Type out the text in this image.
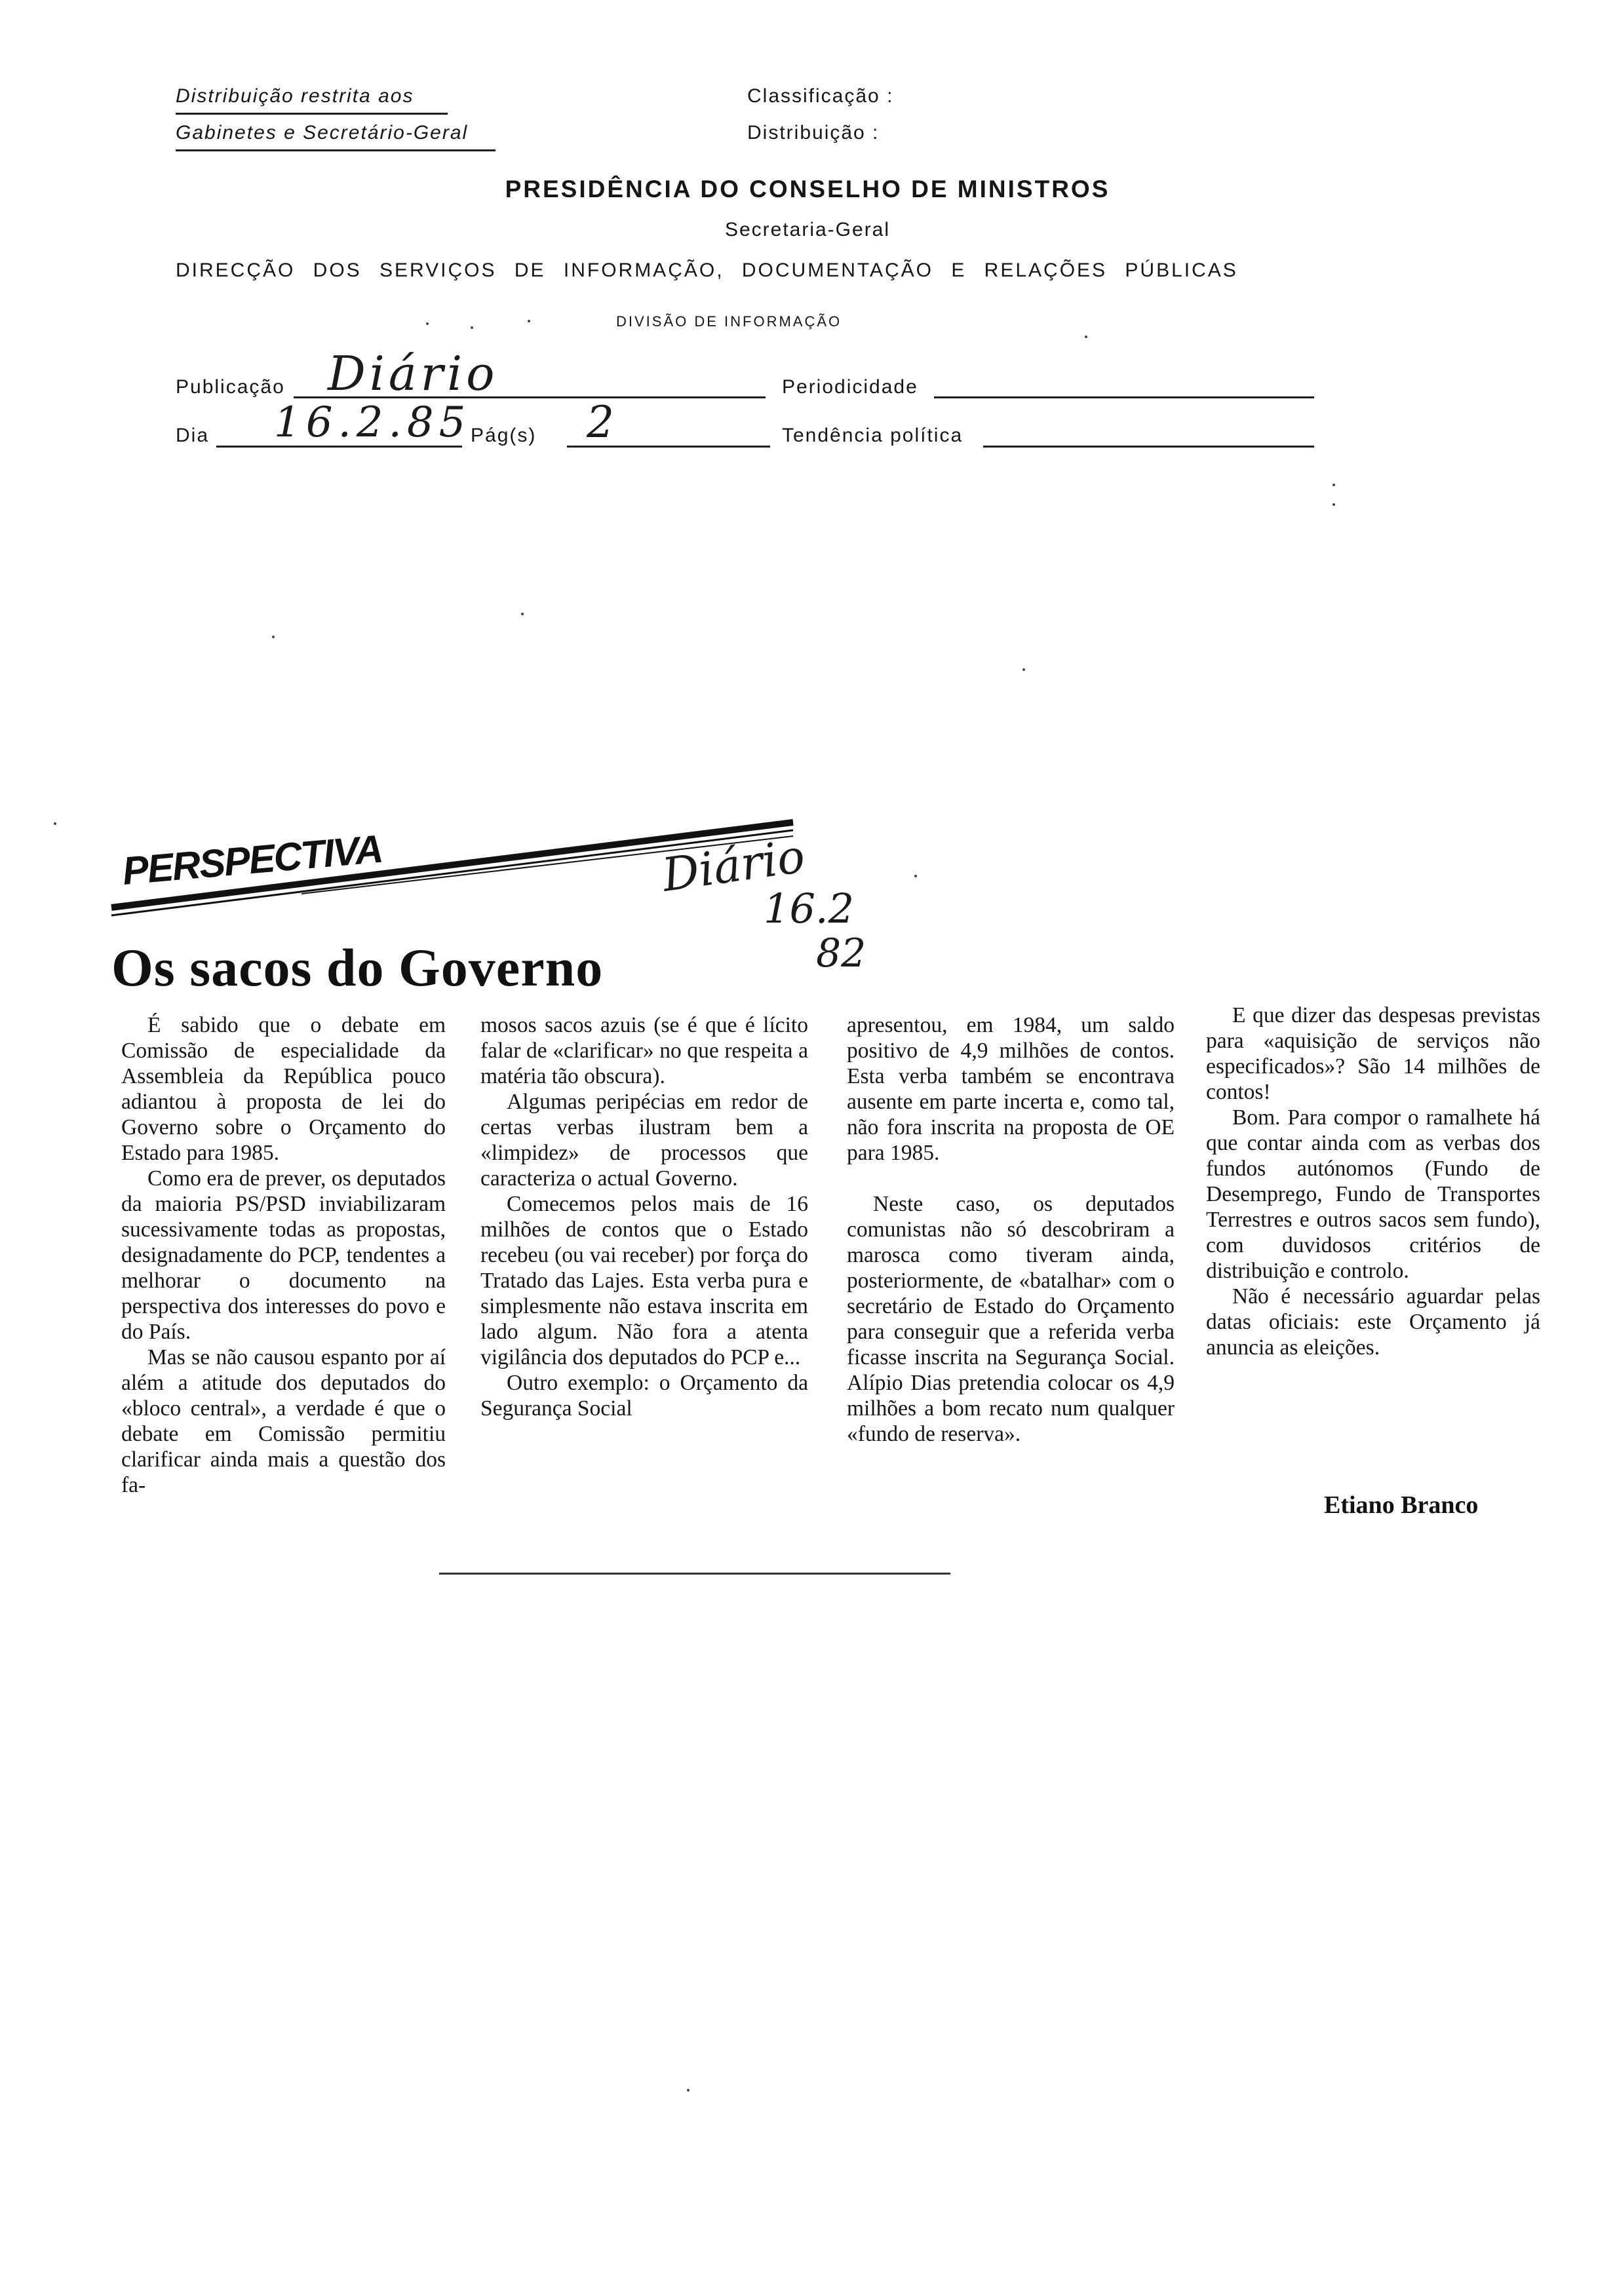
Distribuição restrita aos
Gabinetes e Secretário-Geral
Classificação :
Distribuição :
PRESIDÊNCIA DO CONSELHO DE MINISTROS
Secretaria-Geral
DIRECÇÃO DOS SERVIÇOS DE INFORMAÇÃO, DOCUMENTAÇÃO E RELAÇÕES PÚBLICAS
DIVISÃO DE INFORMAÇÃO
Publicação Diário	Periodicidade
Dia 16.2.85 Pág(s) 2	Tendência política
PERSPECTIVA	Diário
16.2
82
Os sacos do Governo

É sabido que o debate em Comissão de especialidade da Assembleia da República pouco adiantou à proposta de lei do Governo sobre o Orçamento do Estado para 1985.

Como era de prever, os deputados da maioria PS/PSD inviabilizaram sucessivamente todas as propostas, designadamente do PCP, tendentes a melhorar o documento na perspectiva dos interesses do povo e do País.

Mas se não causou espanto por aí além a atitude dos deputados do «bloco central», a verdade é que o debate em Comissão permitiu clarificar ainda mais a questão dos fa-

mosos sacos azuis (se é que é lícito falar de «clarificar» no que respeita a matéria tão obscura).

Algumas peripécias em redor de certas verbas ilustram bem a «limpidez» de processos que caracteriza o actual Governo.

Comecemos pelos mais de 16 milhões de contos que o Estado recebeu (ou vai receber) por força do Tratado das Lajes. Esta verba pura e simplesmente não estava inscrita em lado algum. Não fora a atenta vigilância dos deputados do PCP e...

Outro exemplo: o Orçamento da Segurança Social

apresentou, em 1984, um saldo positivo de 4,9 milhões de contos. Esta verba também se encontrava ausente em parte incerta e, como tal, não fora inscrita na proposta de OE para 1985.

Neste caso, os deputados comunistas não só descobriram a marosca como tiveram ainda, posteriormente, de «batalhar» com o secretário de Estado do Orçamento para conseguir que a referida verba ficasse inscrita na Segurança Social. Alípio Dias pretendia colocar os 4,9 milhões a bom recato num qualquer «fundo de reserva».

E que dizer das despesas previstas para «aquisição de serviços não especificados»? São 14 milhões de contos!

Bom. Para compor o ramalhete há que contar ainda com as verbas dos fundos autónomos (Fundo de Desemprego, Fundo de Transportes Terrestres e outros sacos sem fundo), com duvidosos critérios de distribuição e controlo.

Não é necessário aguardar pelas datas oficiais: este Orçamento já anuncia as eleições.

Etiano Branco
